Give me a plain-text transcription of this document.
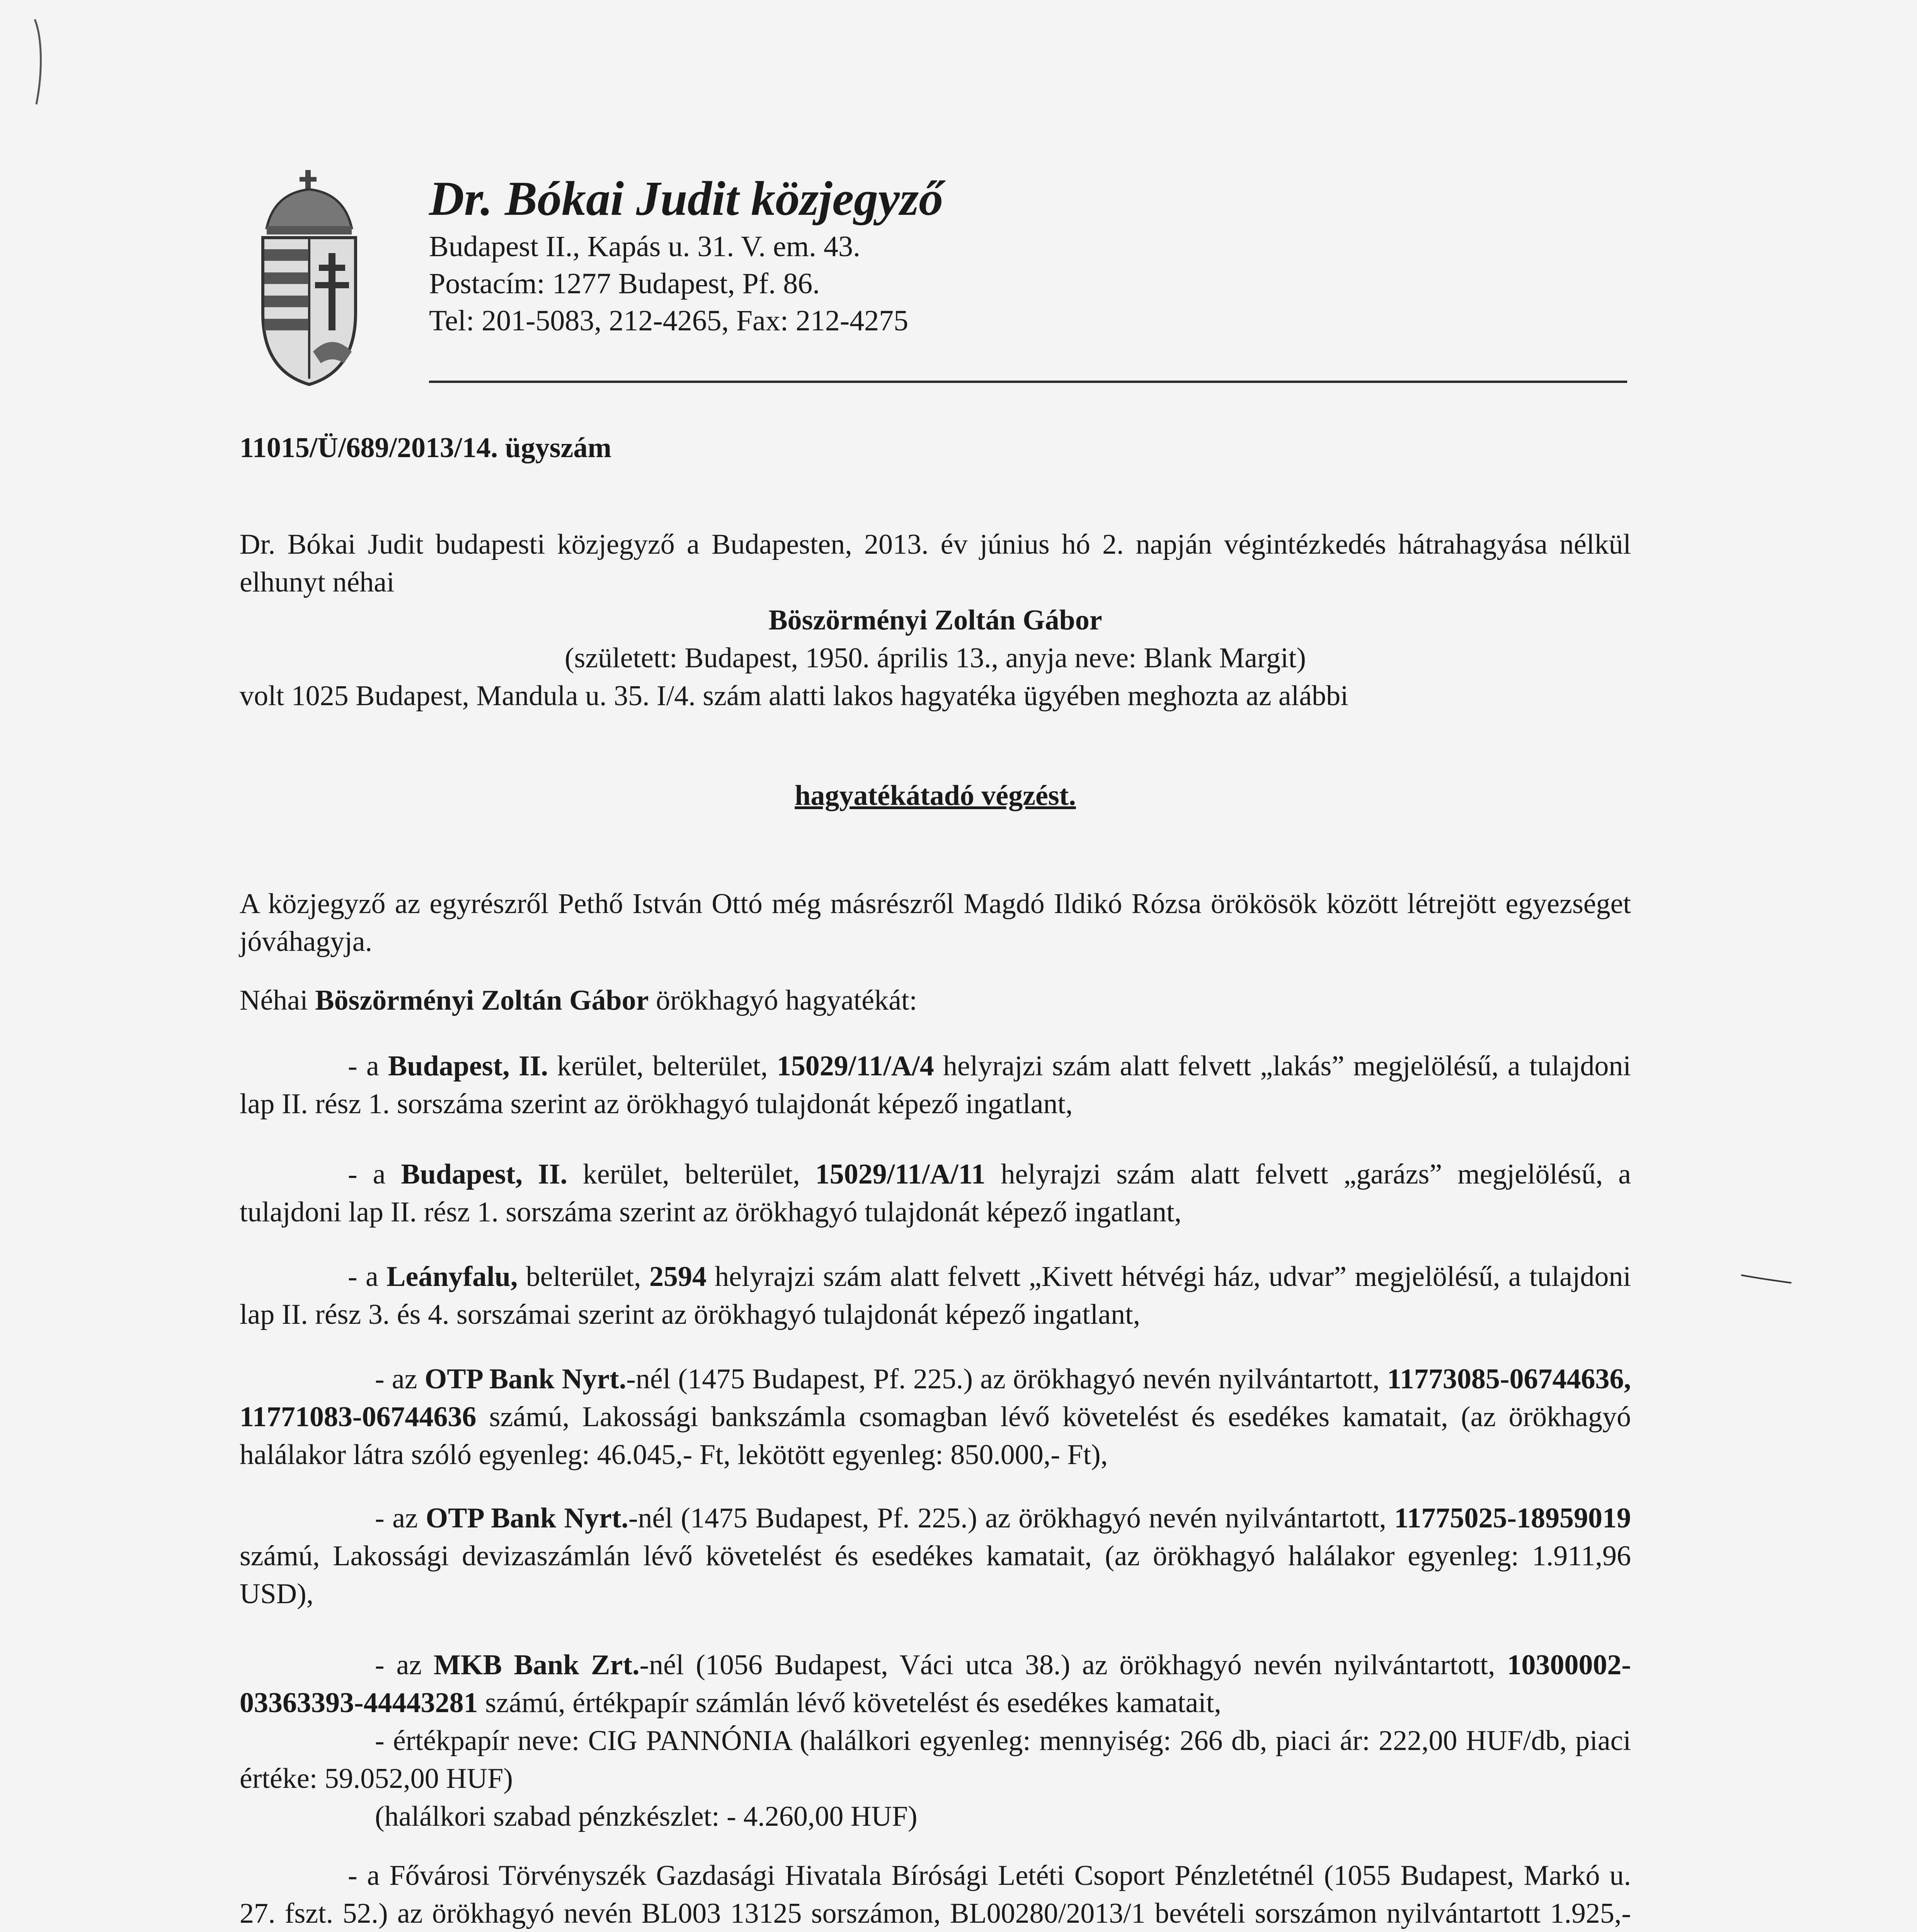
Dr. Bókai Judit közjegyző
Budapest II., Kapás u. 31. V. em. 43.
Postacím: 1277 Budapest, Pf. 86.
Tel: 201-5083, 212-4265, Fax: 212-4275
11015/Ü/689/2013/14. ügyszám
Dr. Bókai Judit budapesti közjegyző a Budapesten, 2013. év június hó 2. napján végintézkedés hátrahagyása nélkül elhunyt néhai
Böszörményi Zoltán Gábor
(született: Budapest, 1950. április 13., anyja neve: Blank Margit)
volt 1025 Budapest, Mandula u. 35. I/4. szám alatti lakos hagyatéka ügyében meghozta az alábbi
hagyatékátadó végzést.
A közjegyző az egyrészről Pethő István Ottó még másrészről Magdó Ildikó Rózsa örökösök között létrejött egyezséget jóváhagyja.
Néhai Böszörményi Zoltán Gábor örökhagyó hagyatékát:
- a Budapest, II. kerület, belterület, 15029/11/A/4 helyrajzi szám alatt felvett „lakás” megjelölésű, a tulajdoni lap II. rész 1. sorszáma szerint az örökhagyó tulajdonát képező ingatlant,
- a Budapest, II. kerület, belterület, 15029/11/A/11 helyrajzi szám alatt felvett „garázs” megjelölésű, a tulajdoni lap II. rész 1. sorszáma szerint az örökhagyó tulajdonát képező ingatlant,
- a Leányfalu, belterület, 2594 helyrajzi szám alatt felvett „Kivett hétvégi ház, udvar” megjelölésű, a tulajdoni lap II. rész 3. és 4. sorszámai szerint az örökhagyó tulajdonát képező ingatlant,
- az OTP Bank Nyrt.-nél (1475 Budapest, Pf. 225.) az örökhagyó nevén nyilvántartott, 11773085-06744636, 11771083-06744636 számú, Lakossági bankszámla csomagban lévő követelést és esedékes kamatait, (az örökhagyó halálakor látra szóló egyenleg: 46.045,- Ft, lekötött egyenleg: 850.000,- Ft),
- az OTP Bank Nyrt.-nél (1475 Budapest, Pf. 225.) az örökhagyó nevén nyilvántartott, 11775025-18959019 számú, Lakossági devizaszámlán lévő követelést és esedékes kamatait, (az örökhagyó halálakor egyenleg: 1.911,96 USD),
- az MKB Bank Zrt.-nél (1056 Budapest, Váci utca 38.) az örökhagyó nevén nyilvántartott, 10300002-03363393-44443281 számú, értékpapír számlán lévő követelést és esedékes kamatait,
- értékpapír neve: CIG PANNÓNIA (halálkori egyenleg: mennyiség: 266 db, piaci ár: 222,00 HUF/db, piaci értéke: 59.052,00 HUF)
(halálkori szabad pénzkészlet: - 4.260,00 HUF)
- a Fővárosi Törvényszék Gazdasági Hivatala Bírósági Letéti Csoport Pénzletétnél (1055 Budapest, Markó u. 27. fszt. 52.) az örökhagyó nevén BL003 13125 sorszámon, BL00280/2013/1 bevételi sorszámon nyilvántartott 1.925,-
